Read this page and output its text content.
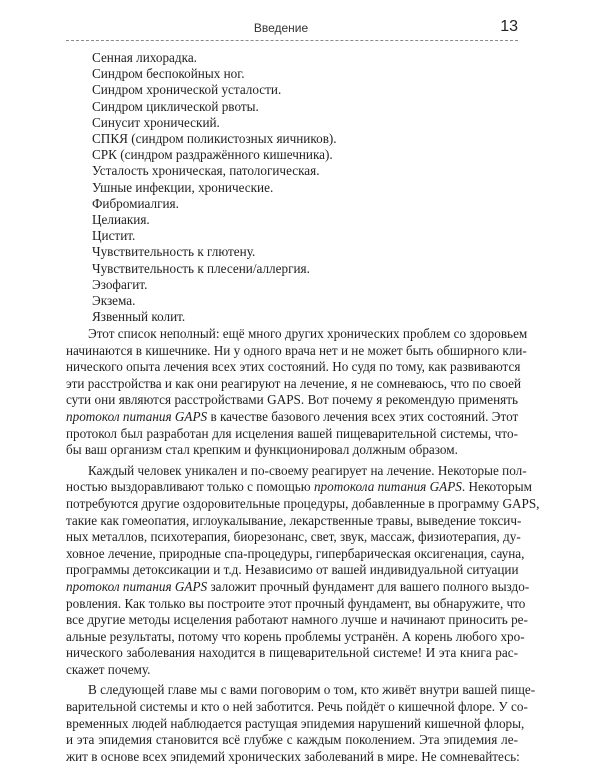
Введение	13
Сенная лихорадка.
Синдром беспокойных ног.
Синдром хронической усталости.
Синдром циклической рвоты.
Синусит хронический.
СПКЯ (синдром поликистозных яичников).
СРК (синдром раздражённого кишечника).
Усталость хроническая, патологическая.
Ушные инфекции, хронические.
Фибромиалгия.
Целиакия.
Цистит.
Чувствительность к глютену.
Чувствительность к плесени/аллергия.
Эзофагит.
Экзема.
Язвенный колит.
Этот список неполный: ещё много других хронических проблем со здоровьем
начинаются в кишечнике. Ни у одного врача нет и не может быть обширного кли-
нического опыта лечения всех этих состояний. Но судя по тому, как развиваются
эти расстройства и как они реагируют на лечение, я не сомневаюсь, что по своей
сути они являются расстройствами GAPS. Вот почему я рекомендую применять
протокол питания GAPS в качестве базового лечения всех этих состояний. Этот
протокол был разработан для исцеления вашей пищеварительной системы, что-
бы ваш организм стал крепким и функционировал должным образом.
Каждый человек уникален и по-своему реагирует на лечение. Некоторые пол-
ностью выздоравливают только с помощью протокола питания GAPS. Некоторым
потребуются другие оздоровительные процедуры, добавленные в программу GAPS,
такие как гомеопатия, иглоукалывание, лекарственные травы, выведение токсич-
ных металлов, психотерапия, биорезонанс, свет, звук, массаж, физиотерапия, ду-
ховное лечение, природные спа-процедуры, гипербарическая оксигенация, сауна,
программы детоксикации и т.д. Независимо от вашей индивидуальной ситуации
протокол питания GAPS заложит прочный фундамент для вашего полного выздо-
ровления. Как только вы построите этот прочный фундамент, вы обнаружите, что
все другие методы исцеления работают намного лучше и начинают приносить ре-
альные результаты, потому что корень проблемы устранён. А корень любого хро-
нического заболевания находится в пищеварительной системе! И эта книга рас-
скажет почему.
В следующей главе мы с вами поговорим о том, кто живёт внутри вашей пище-
варительной системы и кто о ней заботится. Речь пойдёт о кишечной флоре. У со-
временных людей наблюдается растущая эпидемия нарушений кишечной флоры,
и эта эпидемия становится всё глубже с каждым поколением. Эта эпидемия ле-
жит в основе всех эпидемий хронических заболеваний в мире. Не сомневайтесь:
